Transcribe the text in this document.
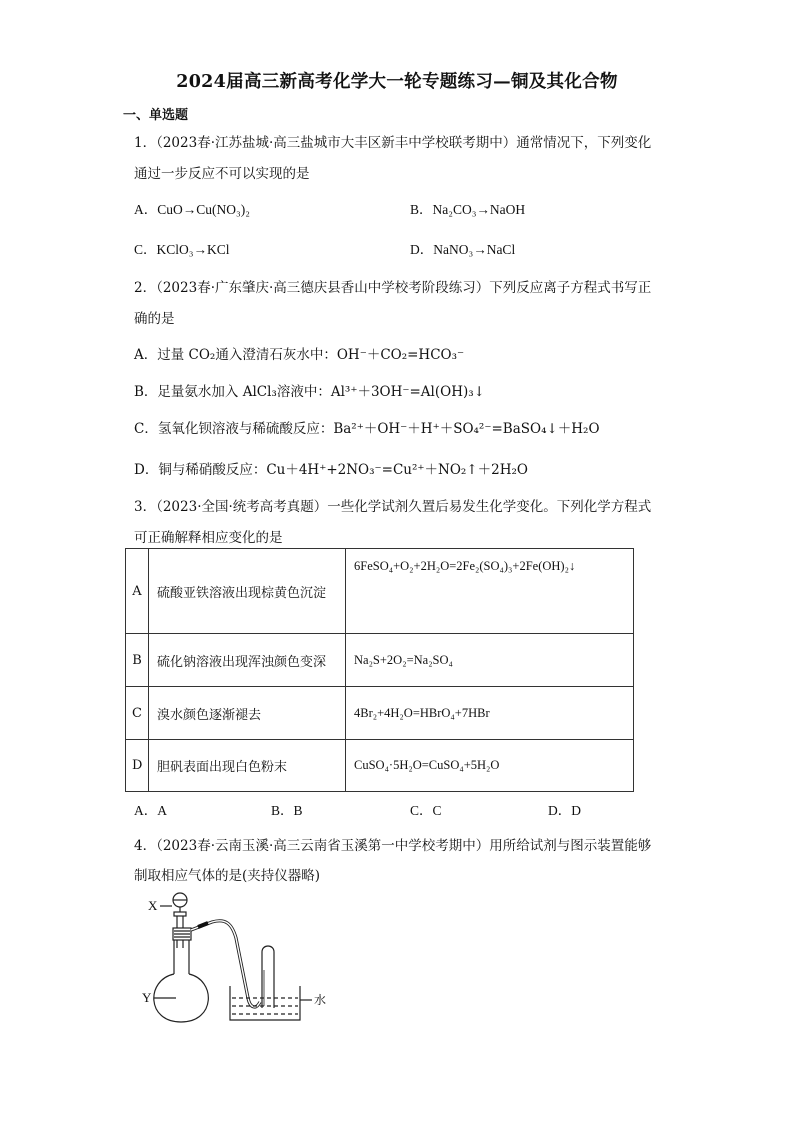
2024届高三新高考化学大一轮专题练习—铜及其化合物
一、单选题
1．（2023春·江苏盐城·高三盐城市大丰区新丰中学校联考期中）通常情况下，下列变化
通过一步反应不可以实现的是
A．CuO→Cu(NO₃)₂	B．Na₂CO₃→NaOH
C．KClO₃→KCl	D．NaNO₃→NaCl
2．（2023春·广东肇庆·高三德庆县香山中学校考阶段练习）下列反应离子方程式书写正
确的是
A．过量 CO₂通入澄清石灰水中：OH⁻＋CO₂=HCO₃⁻
B．足量氨水加入 AlCl₃溶液中：Al³⁺＋3OH⁻=Al(OH)₃↓
C．氢氧化钡溶液与稀硫酸反应：Ba²⁺＋OH⁻＋H⁺＋SO₄²⁻=BaSO₄↓＋H₂O
D．铜与稀硝酸反应：Cu＋4H⁺+2NO₃⁻=Cu²⁺＋NO₂↑＋2H₂O
3．（2023·全国·统考高考真题）一些化学试剂久置后易发生化学变化。下列化学方程式
可正确解释相应变化的是
A	硫酸亚铁溶液出现棕黄色沉淀	6FeSO₄+O₂+2H₂O=2Fe₂(SO₄)₃+2Fe(OH)₂↓
B	硫化钠溶液出现浑浊颜色变深	Na₂S+2O₂=Na₂SO₄
C	溴水颜色逐渐褪去	4Br₂+4H₂O=HBrO₄+7HBr
D	胆矾表面出现白色粉末	CuSO₄·5H₂O=CuSO₄+5H₂O
A．A	B．B	C．C	D．D
4．（2023春·云南玉溪·高三云南省玉溪第一中学校考期中）用所给试剂与图示装置能够
制取相应气体的是(夹持仪器略)
X
Y	水
